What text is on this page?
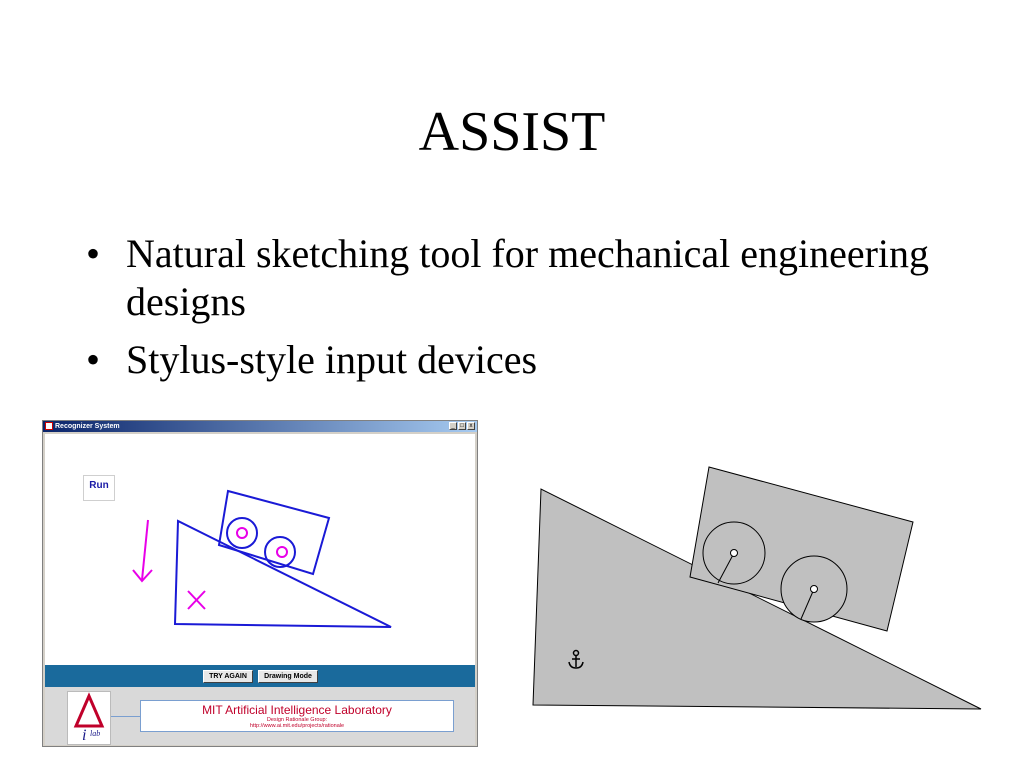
ASSIST
• Natural sketching tool for mechanical engineering designs
• Stylus-style input devices
Recognizer System	_ □ x
TRY AGAIN	Drawing Mode
i lab
MIT Artificial Intelligence Laboratory
Design Rationale Group:
http://www.ai.mit.edu/projects/rationale
Run
